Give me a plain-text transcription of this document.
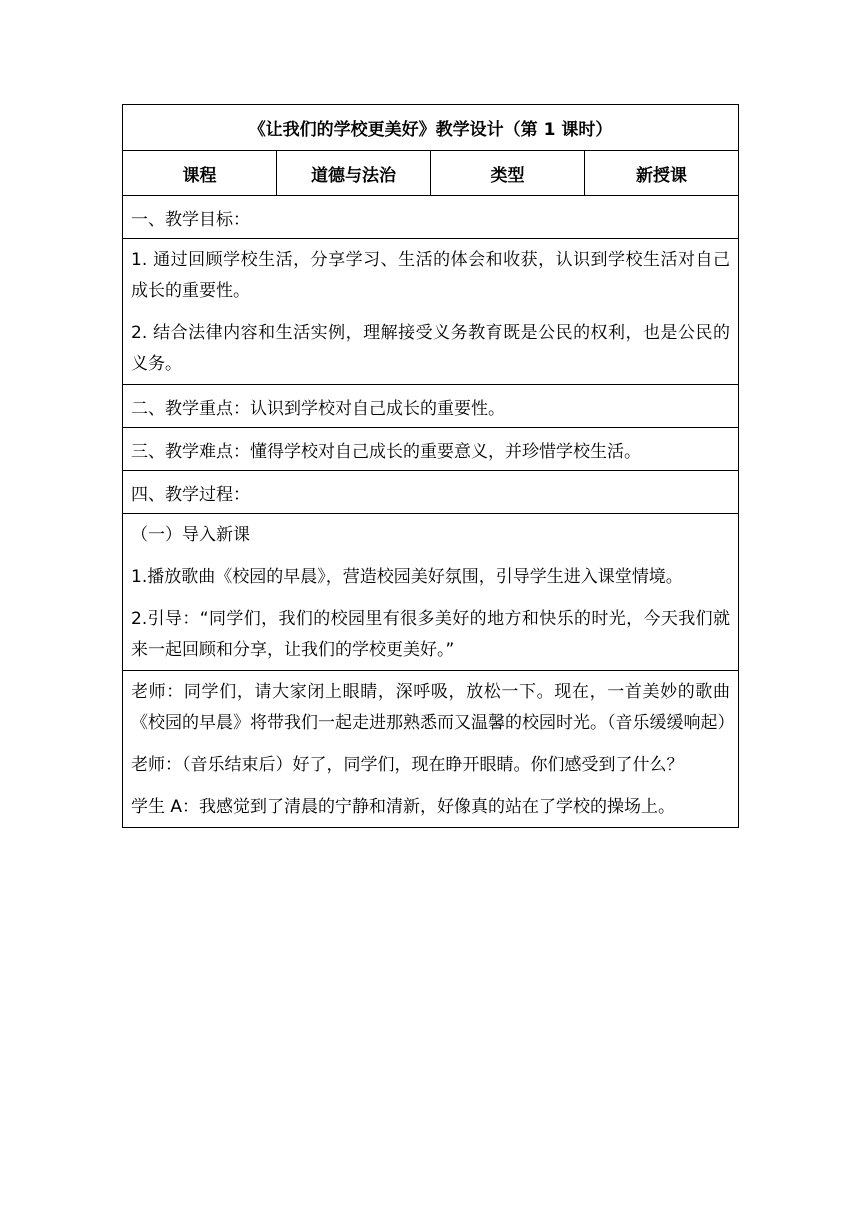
《让我们的学校更美好》教学设计（第 1 课时）
课程	道德与法治	类型	新授课
一、教学目标：

1. 通过回顾学校生活，分享学习、生活的体会和收获，认识到学校生活对自己成长的重要性。

2. 结合法律内容和生活实例，理解接受义务教育既是公民的权利，也是公民的义务。

二、教学重点：认识到学校对自己成长的重要性。
三、教学难点：懂得学校对自己成长的重要意义，并珍惜学校生活。
四、教学过程：

（一）导入新课

1.播放歌曲《校园的早晨》，营造校园美好氛围，引导学生进入课堂情境。

2.引导：“同学们，我们的校园里有很多美好的地方和快乐的时光，今天我们就来一起回顾和分享，让我们的学校更美好。”

老师：同学们，请大家闭上眼睛，深呼吸，放松一下。现在，一首美妙的歌曲《校园的早晨》将带我们一起走进那熟悉而又温馨的校园时光。（音乐缓缓响起）

老师：（音乐结束后）好了，同学们，现在睁开眼睛。你们感受到了什么？

学生 A：我感觉到了清晨的宁静和清新，好像真的站在了学校的操场上。
